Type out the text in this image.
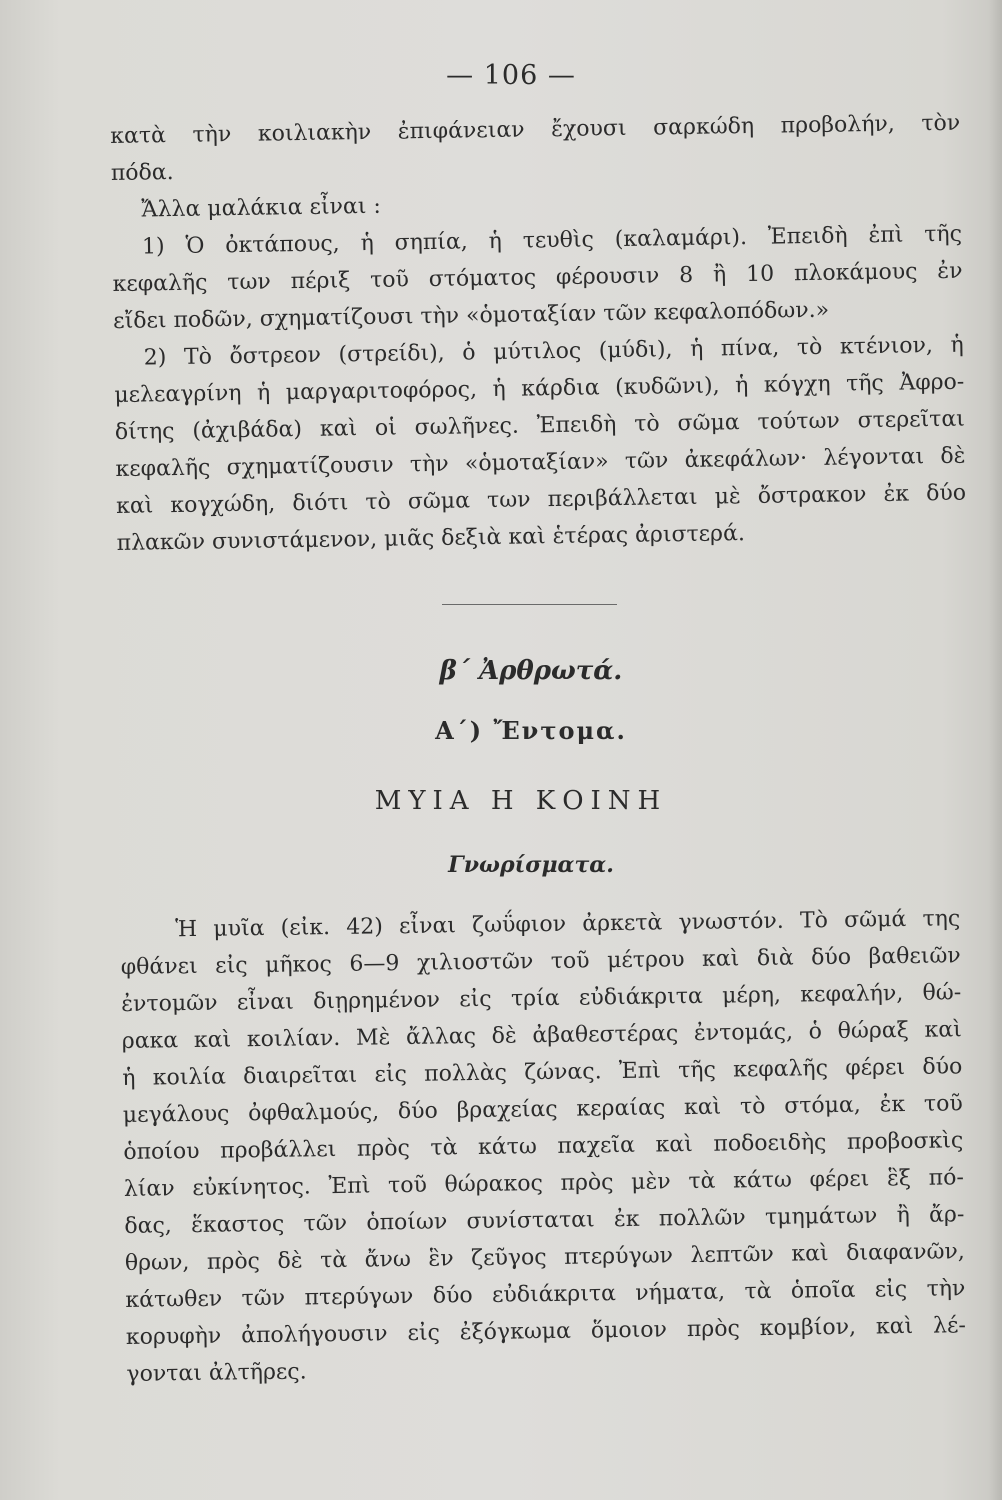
— 106 —
κατὰ τὴν κοιλιακὴν ἐπιφάνειαν ἔχουσι σαρκώδη προβολήν, τὸν
πόδα.
Ἄλλα μαλάκια εἶναι :
1) Ὁ ὀκτάπους, ἡ σηπία, ἡ τευθὶς (καλαμάρι). Ἐπειδὴ ἐπὶ τῆς
κεφαλῆς των πέριξ τοῦ στόματος φέρουσιν 8 ἢ 10 πλοκάμους ἐν
εἴδει ποδῶν, σχηματίζουσι τὴν «ὁμοταξίαν τῶν κεφαλοπόδων.»
2) Τὸ ὄστρεον (στρείδι), ὁ μύτιλος (μύδι), ἡ πίνα, τὸ κτένιον, ἡ
μελεαγρίνη ἡ μαργαριτοφόρος, ἡ κάρδια (κυδῶνι), ἡ κόγχη τῆς Ἀφρο-
δίτης (ἀχιβάδα) καὶ οἱ σωλῆνες. Ἐπειδὴ τὸ σῶμα τούτων στερεῖται
κεφαλῆς σχηματίζουσιν τὴν «ὁμοταξίαν» τῶν ἀκεφάλων· λέγονται δὲ
καὶ κογχώδη, διότι τὸ σῶμα των περιβάλλεται μὲ ὄστρακον ἐκ δύο
πλακῶν συνιστάμενον, μιᾶς δεξιὰ καὶ ἑτέρας ἀριστερά.
β΄ Ἀρθρωτά.
Α΄) Ἔντομα.
ΜΥΙΑ Η ΚΟΙΝΗ
Γνωρίσματα.
Ἡ μυῖα (εἰκ. 42) εἶναι ζωΰφιον ἀρκετὰ γνωστόν. Τὸ σῶμά της
φθάνει εἰς μῆκος 6—9 χιλιοστῶν τοῦ μέτρου καὶ διὰ δύο βαθειῶν
ἐντομῶν εἶναι διῃρημένον εἰς τρία εὐδιάκριτα μέρη, κεφαλήν, θώ-
ρακα καὶ κοιλίαν. Μὲ ἄλλας δὲ ἀβαθεστέρας ἐντομάς, ὁ θώραξ καὶ
ἡ κοιλία διαιρεῖται εἰς πολλὰς ζώνας. Ἐπὶ τῆς κεφαλῆς φέρει δύο
μεγάλους ὀφθαλμούς, δύο βραχείας κεραίας καὶ τὸ στόμα, ἐκ τοῦ
ὁποίου προβάλλει πρὸς τὰ κάτω παχεῖα καὶ ποδοειδὴς προβοσκὶς
λίαν εὐκίνητος. Ἐπὶ τοῦ θώρακος πρὸς μὲν τὰ κάτω φέρει ἓξ πό-
δας, ἕκαστος τῶν ὁποίων συνίσταται ἐκ πολλῶν τμημάτων ἢ ἄρ-
θρων, πρὸς δὲ τὰ ἄνω ἓν ζεῦγος πτερύγων λεπτῶν καὶ διαφανῶν,
κάτωθεν τῶν πτερύγων δύο εὐδιάκριτα νήματα, τὰ ὁποῖα εἰς τὴν
κορυφὴν ἀπολήγουσιν εἰς ἐξόγκωμα ὅμοιον πρὸς κομβίον, καὶ λέ-
γονται ἀλτῆρες.
